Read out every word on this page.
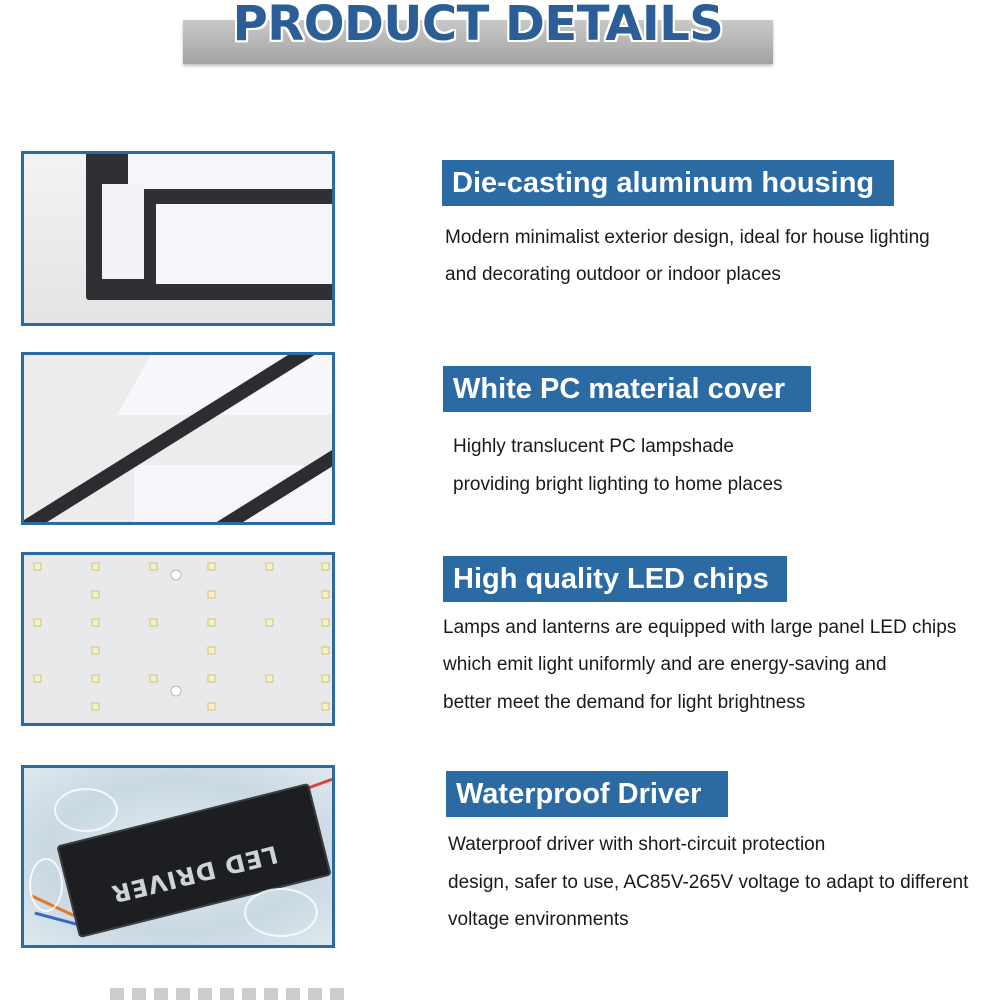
PRODUCT DETAILS
Die-casting aluminum housing
Modern minimalist exterior design, ideal for house lighting
and decorating outdoor or indoor places
White PC material cover
Highly translucent PC lampshade
providing bright lighting to home places
High quality LED chips
Lamps and lanterns are equipped with large panel LED chips
which emit light uniformly and are energy-saving and
better meet the demand for light brightness
LED DRIVER
Waterproof Driver
Waterproof driver with short-circuit protection
design, safer to use, AC85V-265V voltage to adapt to different
voltage environments
